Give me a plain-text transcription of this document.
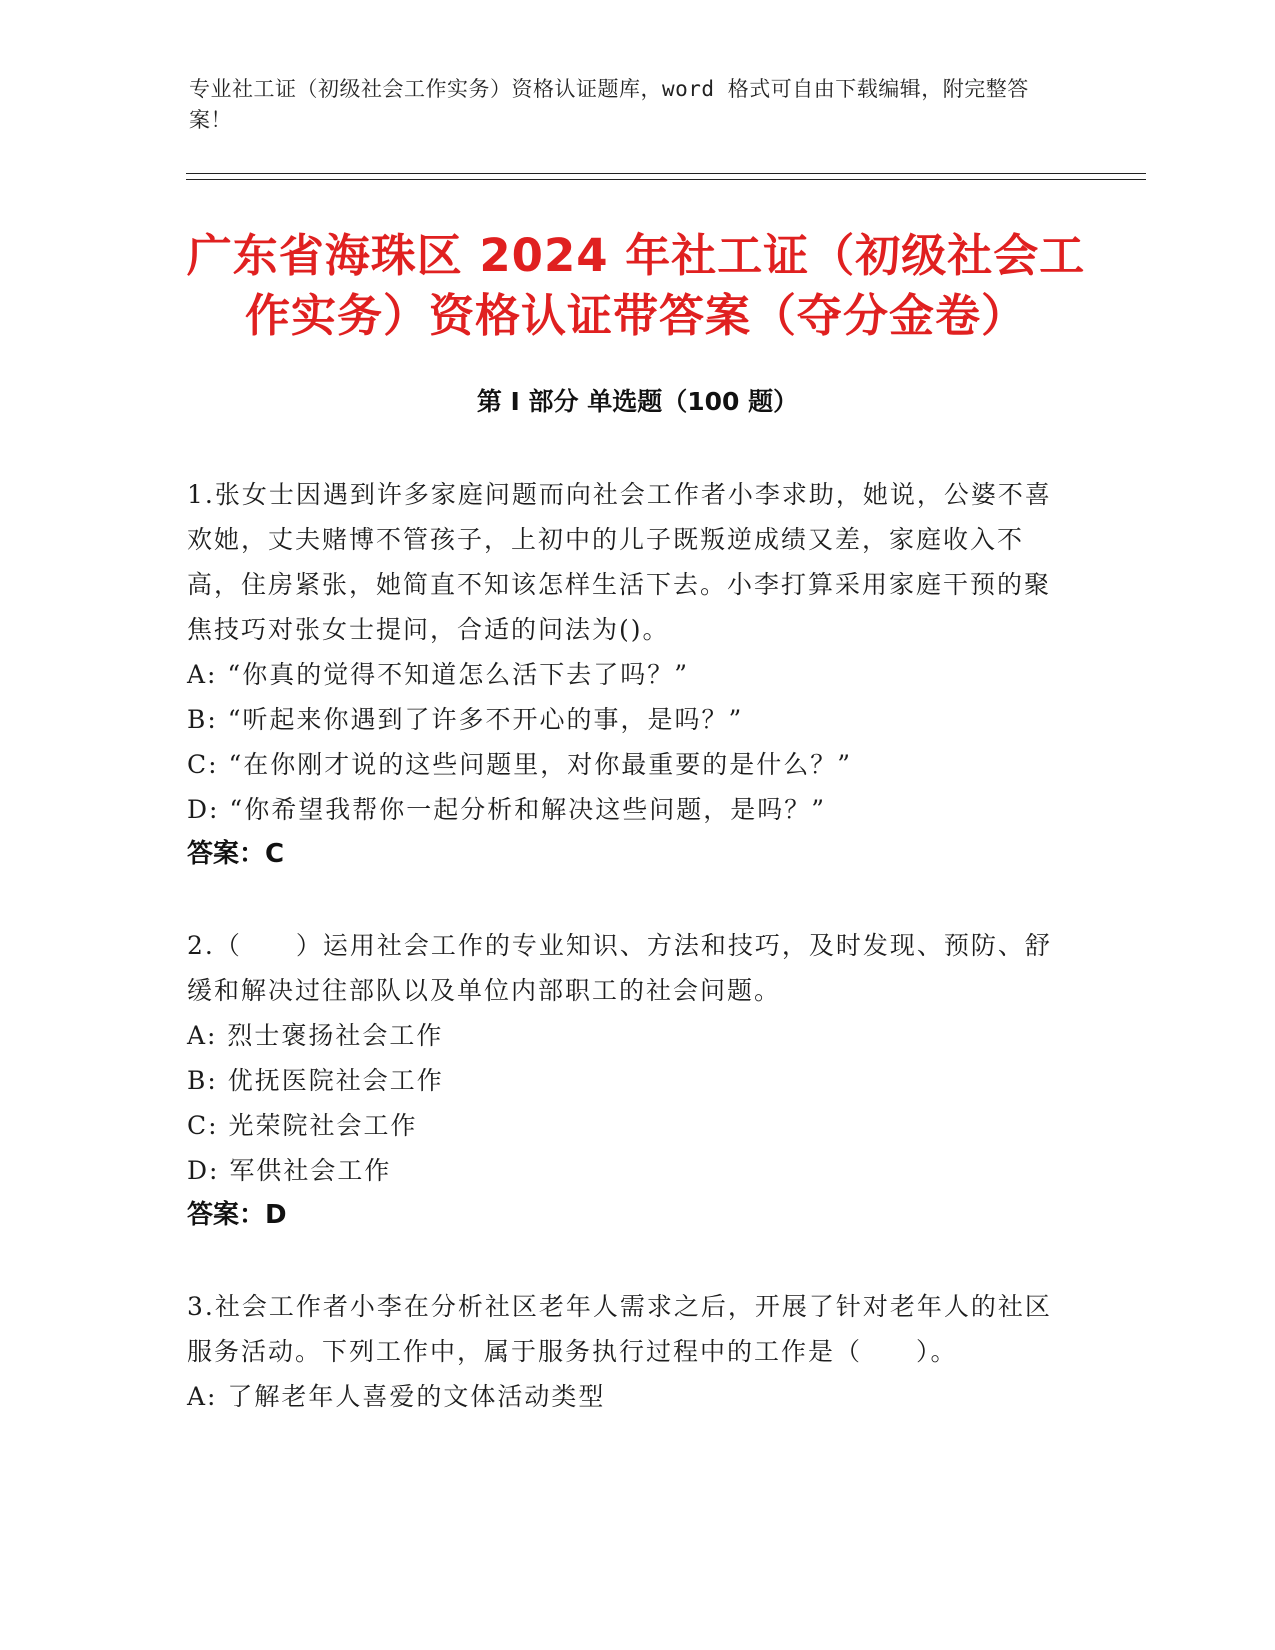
专业社工证（初级社会工作实务）资格认证题库，word 格式可自由下载编辑，附完整答案！
广东省海珠区 2024 年社工证（初级社会工作实务）资格认证带答案（夺分金卷）
第 I 部分 单选题（100 题）

1.张女士因遇到许多家庭问题而向社会工作者小李求助，她说，公婆不喜欢她，丈夫赌博不管孩子，上初中的儿子既叛逆成绩又差，家庭收入不高，住房紧张，她简直不知该怎样生活下去。小李打算采用家庭干预的聚焦技巧对张女士提问，合适的问法为()。

A: “你真的觉得不知道怎么活下去了吗？”

B: “听起来你遇到了许多不开心的事，是吗？”

C: “在你刚才说的这些问题里，对你最重要的是什么？”

D: “你希望我帮你一起分析和解决这些问题，是吗？”

答案：C

2.（　　）运用社会工作的专业知识、方法和技巧，及时发现、预防、舒缓和解决过往部队以及单位内部职工的社会问题。

A: 烈士褒扬社会工作

B: 优抚医院社会工作

C: 光荣院社会工作

D: 军供社会工作

答案：D

3.社会工作者小李在分析社区老年人需求之后，开展了针对老年人的社区服务活动。下列工作中，属于服务执行过程中的工作是（　　）。

A: 了解老年人喜爱的文体活动类型
